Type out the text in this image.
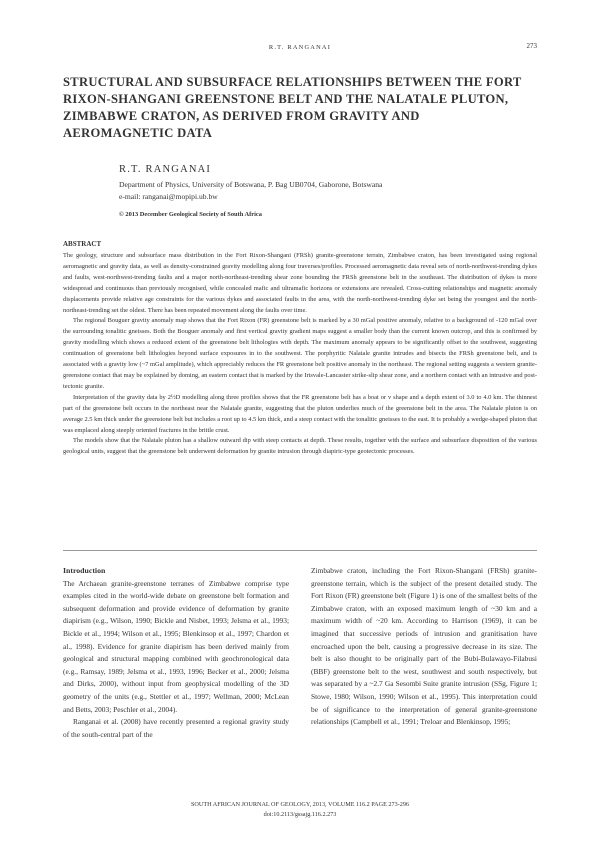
R.T. RANGANAI	273
STRUCTURAL AND SUBSURFACE RELATIONSHIPS BETWEEN THE FORT RIXON-SHANGANI GREENSTONE BELT AND THE NALATALE PLUTON, ZIMBABWE CRATON, AS DERIVED FROM GRAVITY AND AEROMAGNETIC DATA
R.T. RANGANAI
Department of Physics, University of Botswana, P. Bag UB0704, Gaborone, Botswana
e-mail: ranganai@mopipi.ub.bw
© 2013 December Geological Society of South Africa
ABSTRACT

The geology, structure and subsurface mass distribution in the Fort Rixon-Shangani (FRSh) granite-greenstone terrain, Zimbabwe craton, has been investigated using regional aeromagnetic and gravity data, as well as density-constrained gravity modelling along four traverses/profiles. Processed aeromagnetic data reveal sets of north-northwest-trending dykes and faults, west-northwest-trending faults and a major north-northeast-trending shear zone bounding the FRSh greenstone belt in the southeast. The distribution of dykes is more widespread and continuous than previously recognised, while concealed mafic and ultramafic horizons or extensions are revealed. Cross-cutting relationships and magnetic anomaly displacements provide relative age constraints for the various dykes and associated faults in the area, with the north-northwest-trending dyke set being the youngest and the north-northeast-trending set the oldest. There has been repeated movement along the faults over time.

The regional Bouguer gravity anomaly map shows that the Fort Rixon (FR) greenstone belt is marked by a 30 mGal positive anomaly, relative to a background of -120 mGal over the surrounding tonalitic gneisses. Both the Bouguer anomaly and first vertical gravity gradient maps suggest a smaller body than the current known outcrop, and this is confirmed by gravity modelling which shows a reduced extent of the greenstone belt lithologies with depth. The maximum anomaly appears to be significantly offset to the southwest, suggesting continuation of greenstone belt lithologies beyond surface exposures in to the southwest. The porphyritic Nalatale granite intrudes and bisects the FRSh greenstone belt, and is associated with a gravity low (~7 mGal amplitude), which appreciably reduces the FR greenstone belt positive anomaly in the northeast. The regional setting suggests a western granite-greenstone contact that may be explained by doming, an eastern contact that is marked by the Irisvale-Lancaster strike-slip shear zone, and a northern contact with an intrusive and post-tectonic granite.

Interpretation of the gravity data by 2½D modelling along three profiles shows that the FR greenstone belt has a boat or v shape and a depth extent of 3.0 to 4.0 km. The thinnest part of the greenstone belt occurs in the northeast near the Nalatale granite, suggesting that the pluton underlies much of the greenstone belt in the area. The Nalatale pluton is on average 2.5 km thick under the greenstone belt but includes a root up to 4.5 km thick, and a steep contact with the tonalitic gneisses to the east. It is probably a wedge-shaped pluton that was emplaced along steeply oriented fractures in the brittle crust.

The models show that the Nalatale pluton has a shallow outward dip with steep contacts at depth. These results, together with the surface and subsurface disposition of the various geological units, suggest that the greenstone belt underwent deformation by granite intrusion through diapiric-type geotectonic processes.

Introduction

The Archaean granite-greenstone terranes of Zimbabwe comprise type examples cited in the world-wide debate on greenstone belt formation and subsequent deformation and provide evidence of deformation by granite diapirism (e.g., Wilson, 1990; Bickle and Nisbet, 1993; Jelsma et al., 1993; Bickle et al., 1994; Wilson et al., 1995; Blenkinsop et al., 1997; Chardon et al., 1998). Evidence for granite diapirism has been derived mainly from geological and structural mapping combined with geochronological data (e.g., Ramsay, 1989; Jelsma et al., 1993, 1996; Becker et al., 2000; Jelsma and Dirks, 2000), without input from geophysical modelling of the 3D geometry of the units (e.g., Stettler et al., 1997; Wellman, 2000; McLean and Betts, 2003; Peschler et al., 2004).

Ranganai et al. (2008) have recently presented a regional gravity study of the south-central part of the

Zimbabwe craton, including the Fort Rixon-Shangani (FRSh) granite-greenstone terrain, which is the subject of the present detailed study. The Fort Rixon (FR) greenstone belt (Figure 1) is one of the smallest belts of the Zimbabwe craton, with an exposed maximum length of ~30 km and a maximum width of ~20 km. According to Harrison (1969), it can be imagined that successive periods of intrusion and granitisation have encroached upon the belt, causing a progressive decrease in its size. The belt is also thought to be originally part of the Bubi-Bulawayo-Filabusi (BBF) greenstone belt to the west, southwest and south respectively, but was separated by a ~2.7 Ga Sesombi Suite granite intrusion (SSg, Figure 1; Stowe, 1980; Wilson, 1990; Wilson et al., 1995). This interpretation could be of significance to the interpretation of general granite-greenstone relationships (Campbell et al., 1991; Treloar and Blenkinsop, 1995;

SOUTH AFRICAN JOURNAL OF GEOLOGY, 2013, VOLUME 116.2 PAGE 273-296
doi:10.2113/gssajg.116.2.273
